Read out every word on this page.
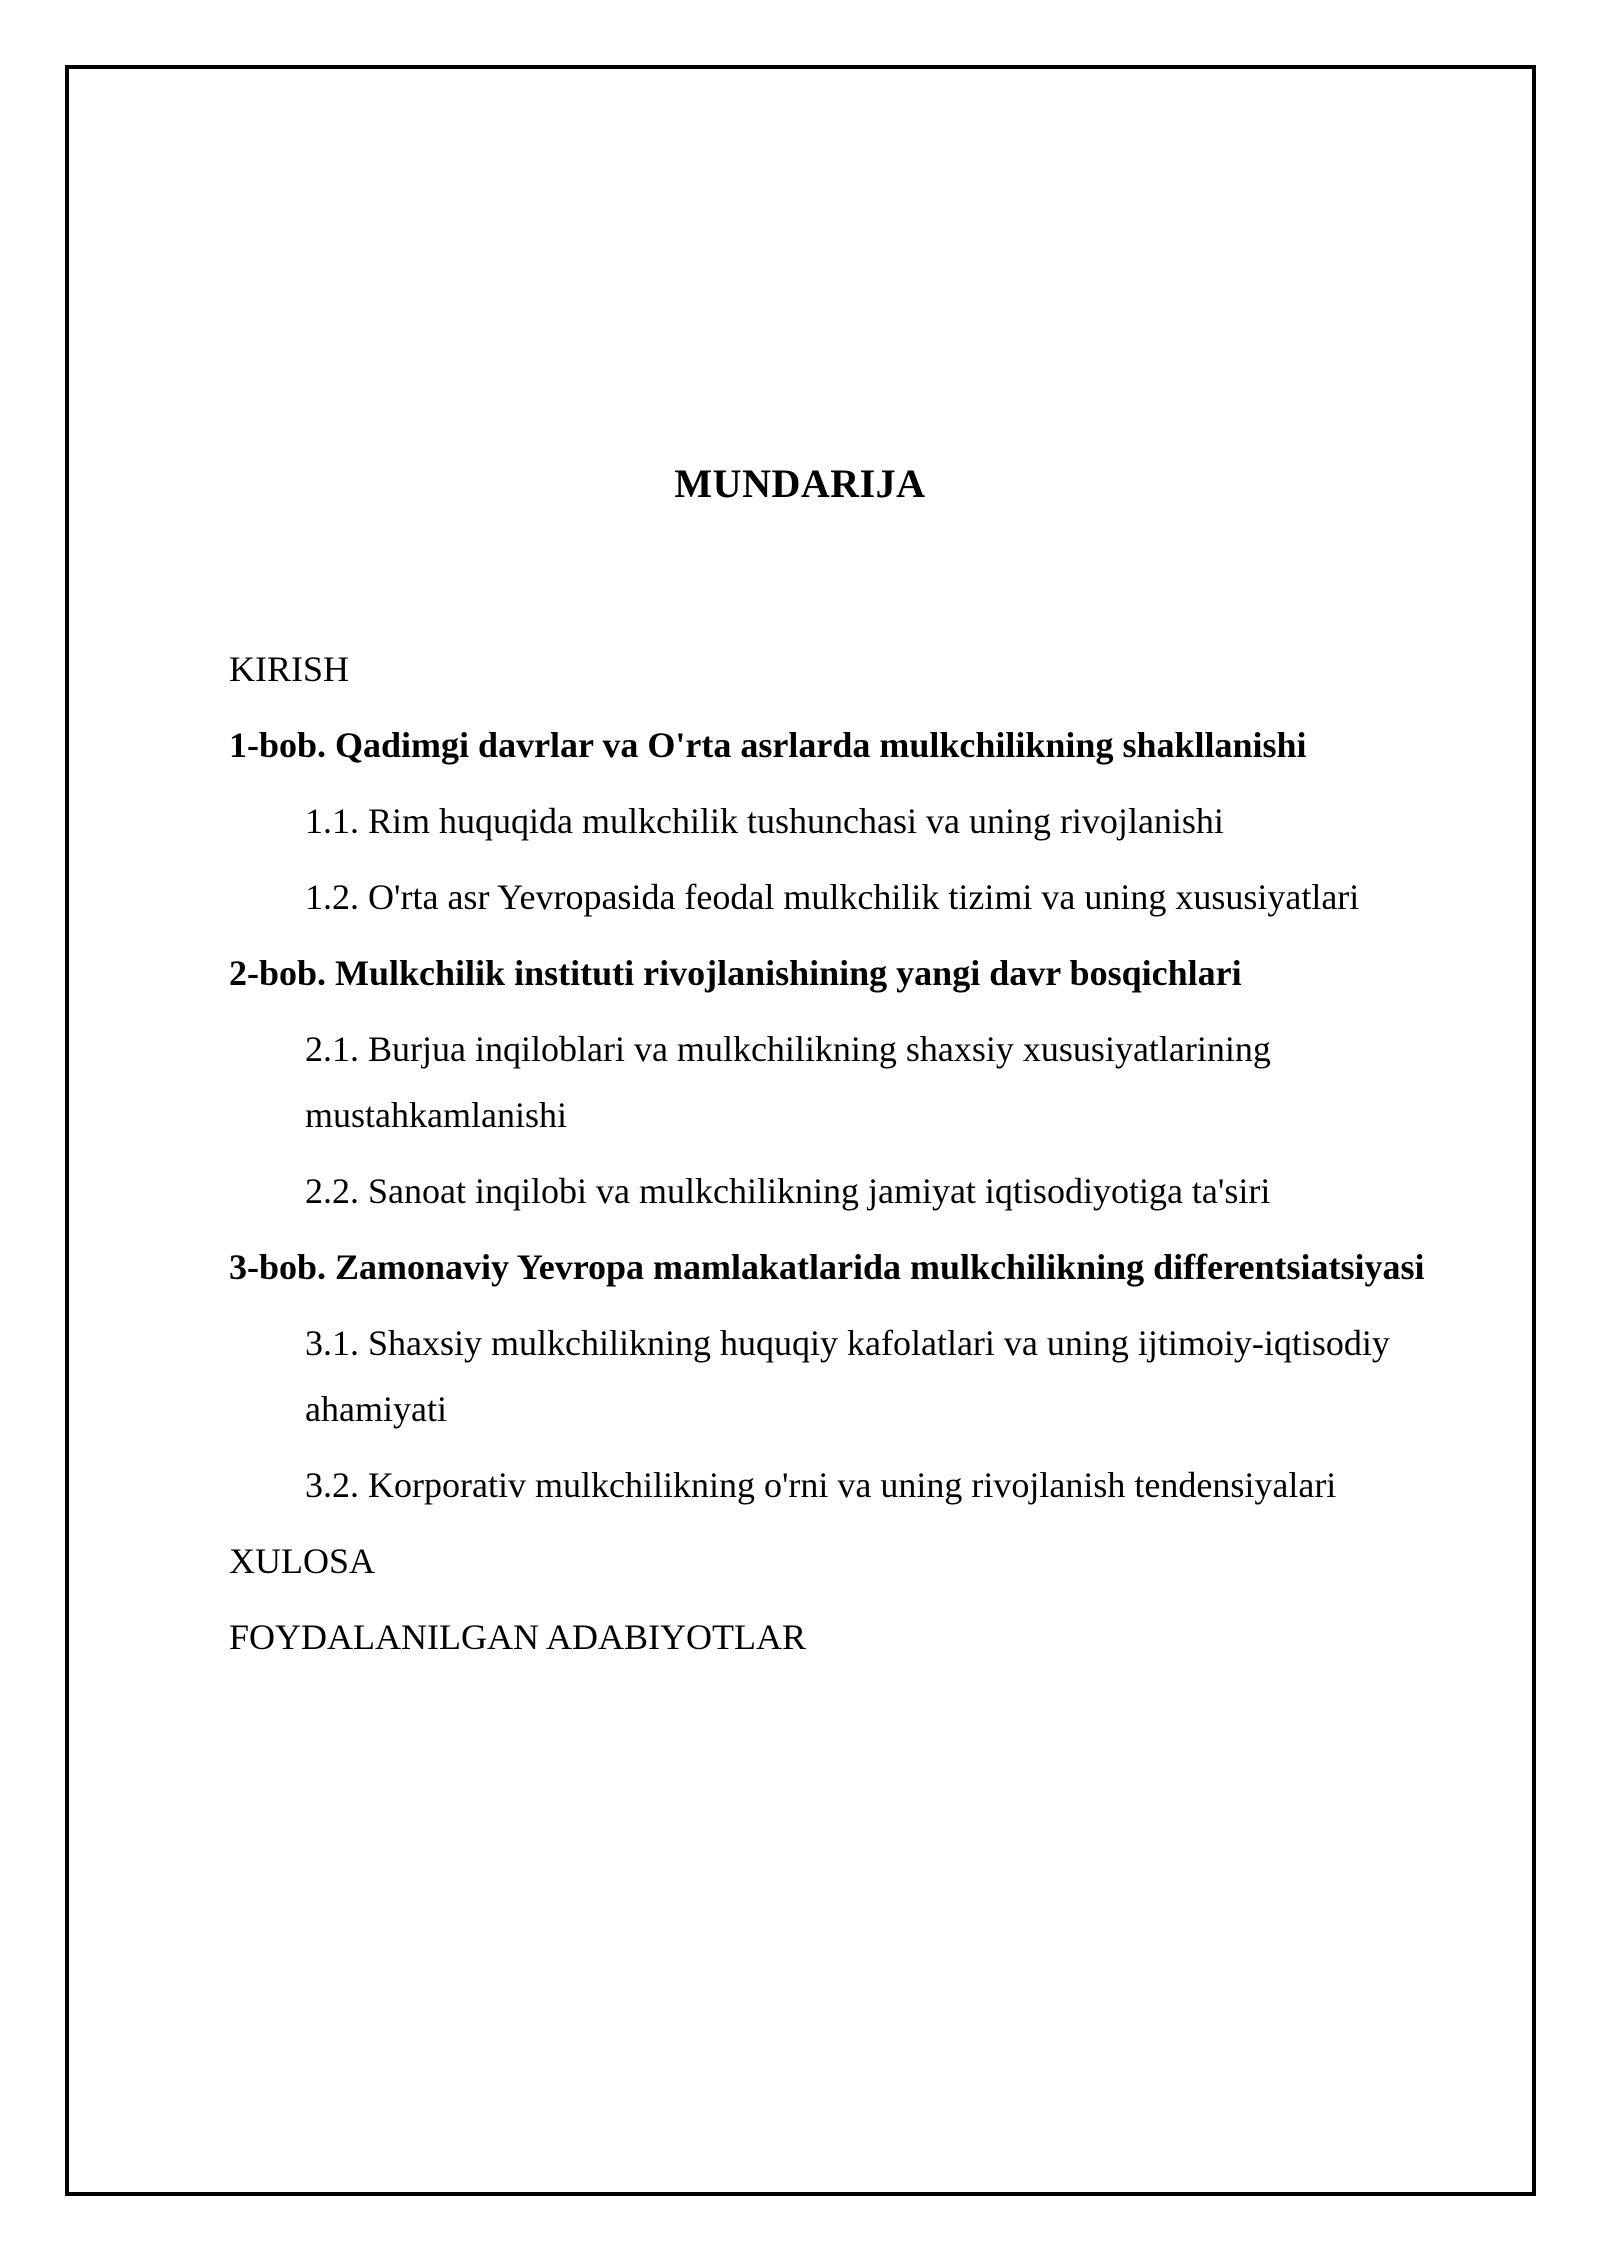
MUNDARIJA
KIRISH
1-bob. Qadimgi davrlar va O'rta asrlarda mulkchilikning shakllanishi
1.1. Rim huquqida mulkchilik tushunchasi va uning rivojlanishi
1.2. O'rta asr Yevropasida feodal mulkchilik tizimi va uning xususiyatlari
2-bob. Mulkchilik instituti rivojlanishining yangi davr bosqichlari
2.1. Burjua inqiloblari va mulkchilikning shaxsiy xususiyatlarining mustahkamlanishi
2.2. Sanoat inqilobi va mulkchilikning jamiyat iqtisodiyotiga ta'siri
3-bob. Zamonaviy Yevropa mamlakatlarida mulkchilikning differentsiatsiyasi
3.1. Shaxsiy mulkchilikning huquqiy kafolatlari va uning ijtimoiy-iqtisodiy ahamiyati
3.2. Korporativ mulkchilikning o'rni va uning rivojlanish tendensiyalari
XULOSA
FOYDALANILGAN ADABIYOTLAR
